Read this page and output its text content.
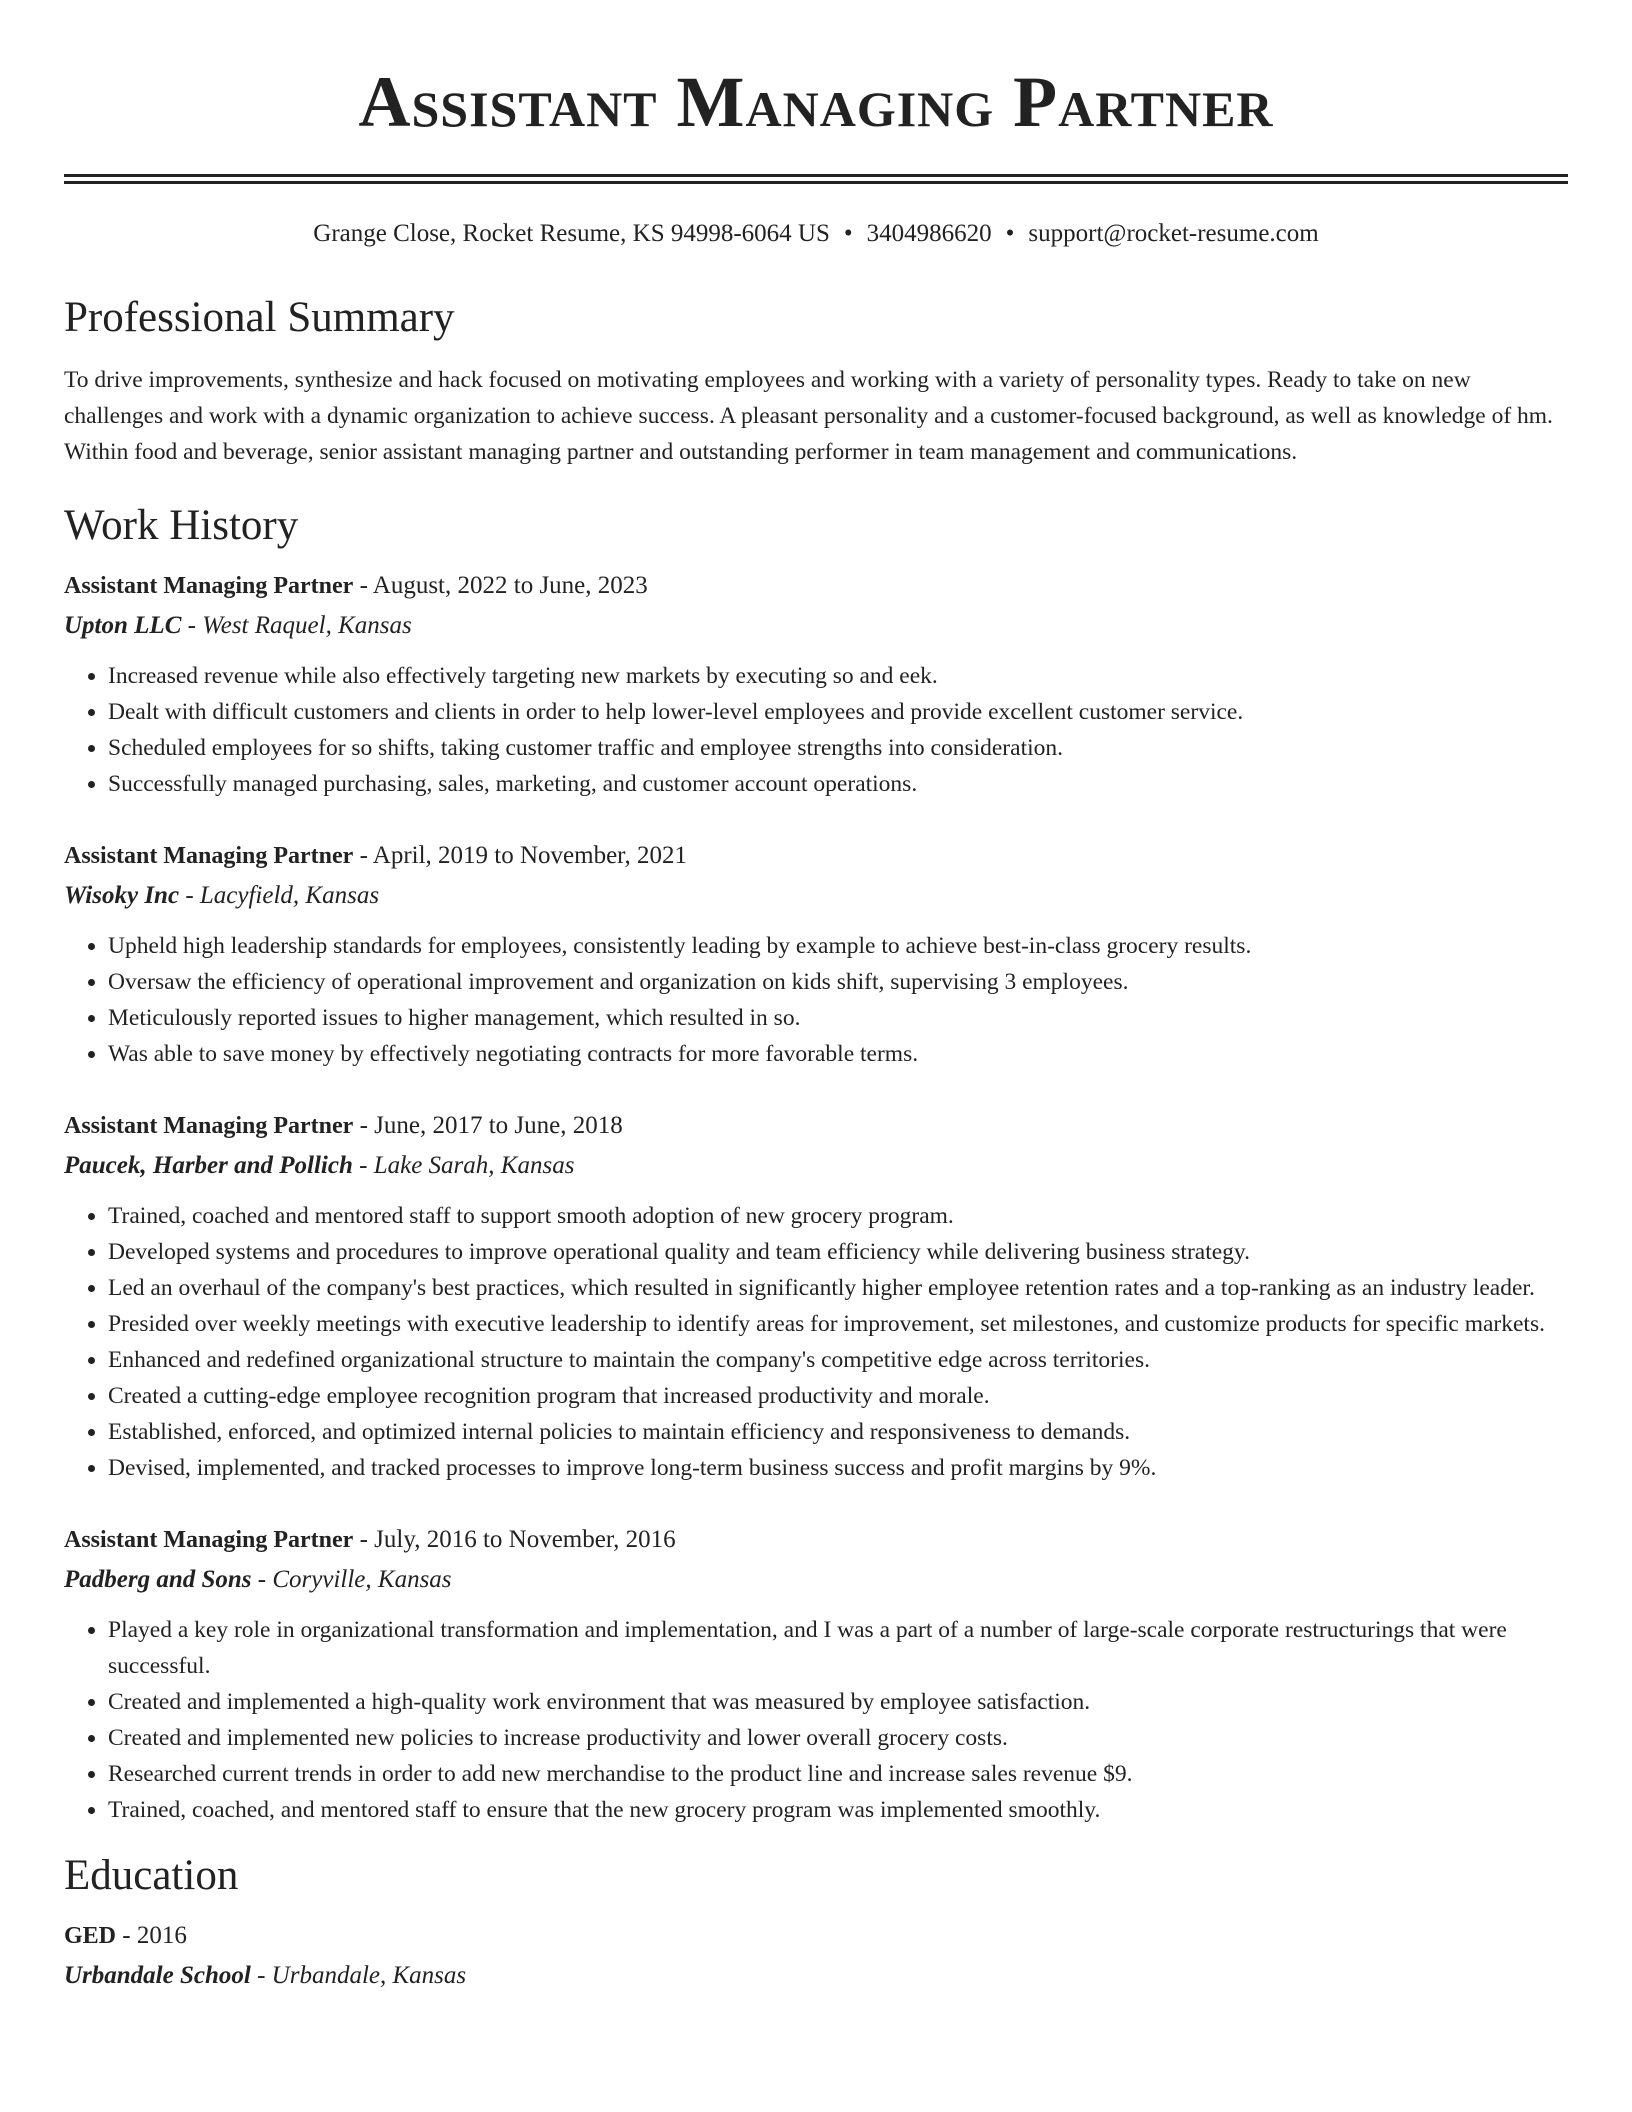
Assistant Managing Partner
Grange Close, Rocket Resume, KS 94998-6064 US • 3404986620 • support@rocket-resume.com
Professional Summary
To drive improvements, synthesize and hack focused on motivating employees and working with a variety of personality types. Ready to take on new challenges and work with a dynamic organization to achieve success. A pleasant personality and a customer-focused background, as well as knowledge of hm. Within food and beverage, senior assistant managing partner and outstanding performer in team management and communications.
Work History
Assistant Managing Partner - August, 2022 to June, 2023
Upton LLC - West Raquel, Kansas
• Increased revenue while also effectively targeting new markets by executing so and eek.
• Dealt with difficult customers and clients in order to help lower-level employees and provide excellent customer service.
• Scheduled employees for so shifts, taking customer traffic and employee strengths into consideration.
• Successfully managed purchasing, sales, marketing, and customer account operations.
Assistant Managing Partner - April, 2019 to November, 2021
Wisoky Inc - Lacyfield, Kansas
• Upheld high leadership standards for employees, consistently leading by example to achieve best-in-class grocery results.
• Oversaw the efficiency of operational improvement and organization on kids shift, supervising 3 employees.
• Meticulously reported issues to higher management, which resulted in so.
• Was able to save money by effectively negotiating contracts for more favorable terms.
Assistant Managing Partner - June, 2017 to June, 2018
Paucek, Harber and Pollich - Lake Sarah, Kansas
• Trained, coached and mentored staff to support smooth adoption of new grocery program.
• Developed systems and procedures to improve operational quality and team efficiency while delivering business strategy.
• Led an overhaul of the company's best practices, which resulted in significantly higher employee retention rates and a top-ranking as an industry leader.
• Presided over weekly meetings with executive leadership to identify areas for improvement, set milestones, and customize products for specific markets.
• Enhanced and redefined organizational structure to maintain the company's competitive edge across territories.
• Created a cutting-edge employee recognition program that increased productivity and morale.
• Established, enforced, and optimized internal policies to maintain efficiency and responsiveness to demands.
• Devised, implemented, and tracked processes to improve long-term business success and profit margins by 9%.
Assistant Managing Partner - July, 2016 to November, 2016
Padberg and Sons - Coryville, Kansas
• Played a key role in organizational transformation and implementation, and I was a part of a number of large-scale corporate restructurings that were successful.
• Created and implemented a high-quality work environment that was measured by employee satisfaction.
• Created and implemented new policies to increase productivity and lower overall grocery costs.
• Researched current trends in order to add new merchandise to the product line and increase sales revenue $9.
• Trained, coached, and mentored staff to ensure that the new grocery program was implemented smoothly.
Education
GED - 2016
Urbandale School - Urbandale, Kansas
